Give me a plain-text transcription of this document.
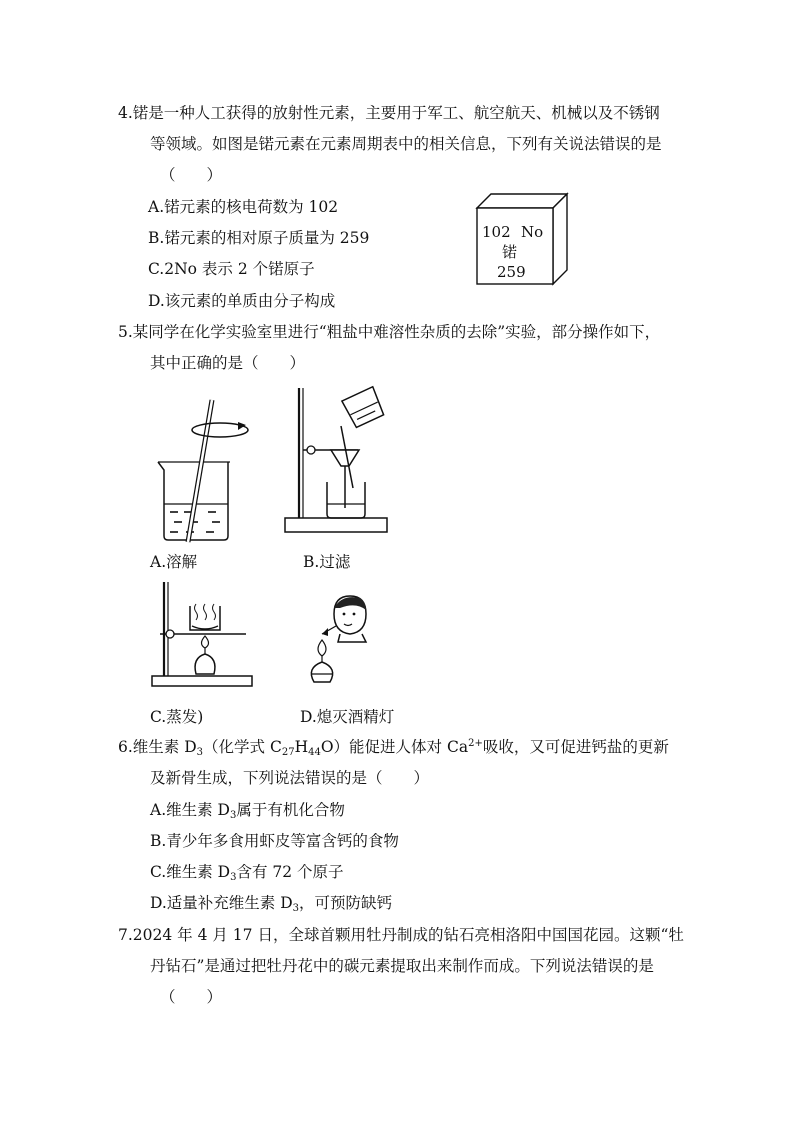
4.锘是一种人工获得的放射性元素，主要用于军工、航空航天、机械以及不锈钢
等领域。如图是锘元素在元素周期表中的相关信息，下列有关说法错误的是
（　　）
A.锘元素的核电荷数为 102
B.锘元素的相对原子质量为 259
C.2No 表示 2 个锘原子
D.该元素的单质由分子构成
102 No
锘
259
5.某同学在化学实验室里进行“粗盐中难溶性杂质的去除”实验，部分操作如下，
其中正确的是（　　）
A.溶解	B.过滤
C.蒸发)	D.熄灭酒精灯
6.维生素 D3（化学式 C27H44O）能促进人体对 $Ca^{2+}$吸收，又可促进钙盐的更新
及新骨生成，下列说法错误的是（　　）
A.维生素 D3属于有机化合物
B.青少年多食用虾皮等富含钙的食物
C.维生素 D3含有 72 个原子
D.适量补充维生素 D3，可预防缺钙
7.2024 年 4 月 17 日，全球首颗用牡丹制成的钻石亮相洛阳中国国花园。这颗“牡
丹钻石”是通过把牡丹花中的碳元素提取出来制作而成。下列说法错误的是
（　　）
